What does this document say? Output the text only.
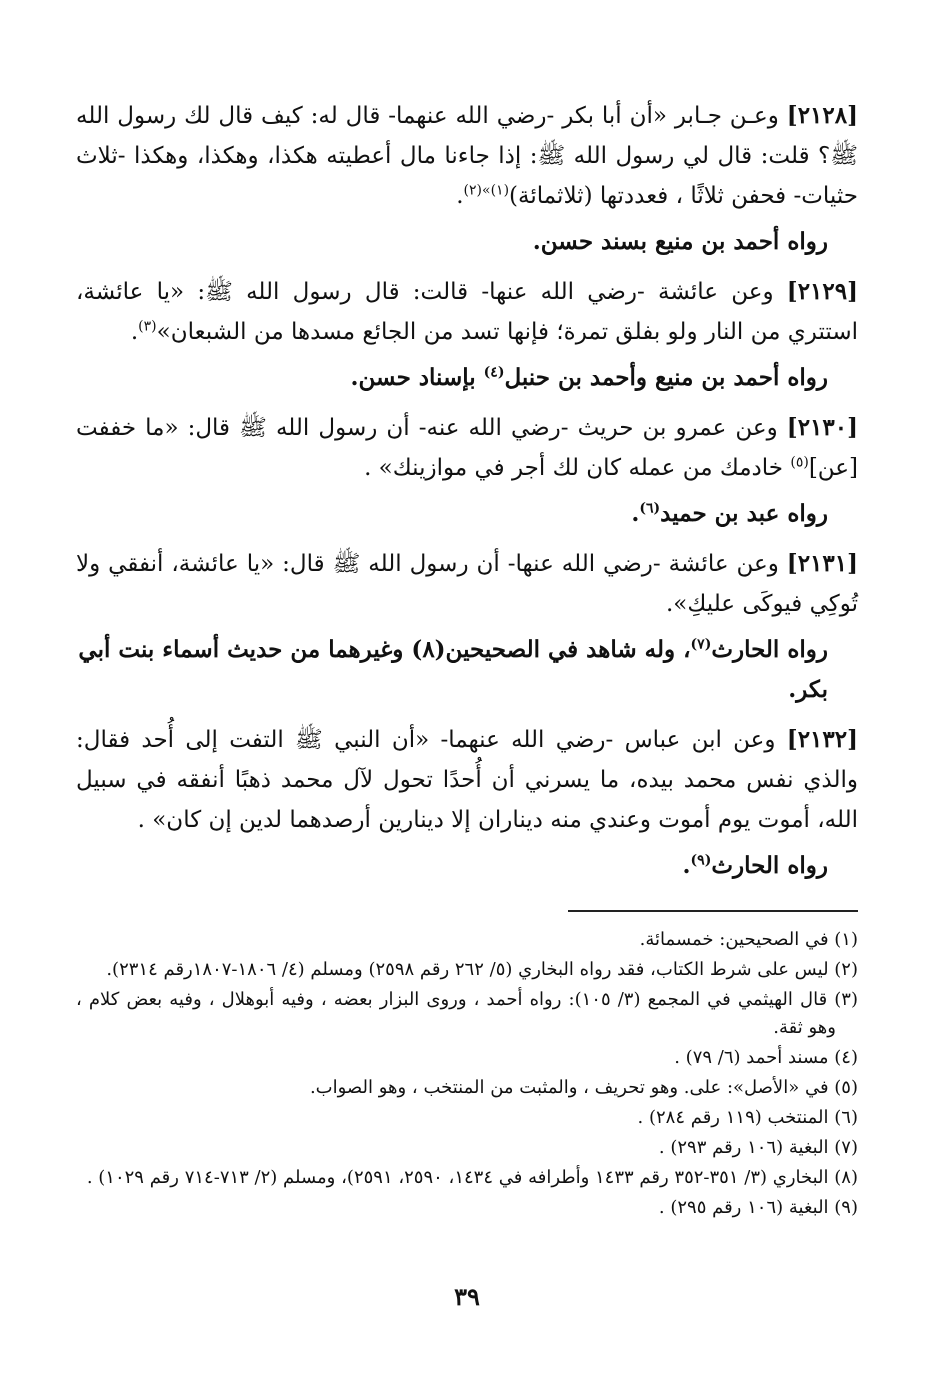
[٢١٢٨] وعـن جـابر «أن أبا بكر -رضي الله عنهما- قال له: كيف قال لك رسول الله ﷺ؟ قلت: قال لي رسول الله ﷺ: إذا جاءنا مال أعطيته هكذا، وهكذا، وهكذا -ثلاث حثيات- فحفن ثلاثًا ، فعددتها (ثلاثمائة)$^{(١)»(٢)}$.

رواه أحمد بن منيع بسند حسن.

[٢١٢٩] وعن عائشة -رضي الله عنها- قالت: قال رسول الله ﷺ: «يا عائشة، استتري من النار ولو بفلق تمرة؛ فإنها تسد من الجائع مسدها من الشبعان»$^{(٣)}$.

رواه أحمد بن منيع وأحمد بن حنبل$^{(٤)}$ بإسناد حسن.

[٢١٣٠] وعن عمرو بن حريث -رضي الله عنه- أن رسول الله ﷺ قال: «ما خففت [عن]$^{(٥)}$ خادمك من عمله كان لك أجر في موازينك» .

رواه عبد بن حميد$^{(٦)}$.

[٢١٣١] وعن عائشة -رضي الله عنها- أن رسول الله ﷺ قال: «يا عائشة، أنفقي ولا تُوكِي فيوكَى عليكِ».

رواه الحارث$^{(٧)}$، وله شاهد في الصحيحين(٨) وغيرهما من حديث أسماء بنت أبي بكر.

[٢١٣٢] وعن ابن عباس -رضي الله عنهما- «أن النبي ﷺ التفت إلى أُحد فقال: والذي نفس محمد بيده، ما يسرني أن أُحدًا تحول لآل محمد ذهبًا أنفقه في سبيل الله، أموت يوم أموت وعندي منه ديناران إلا دينارين أرصدهما لدين إن كان» .

رواه الحارث$^{(٩)}$.

(١) في الصحيحين: خمسمائة.

(٢) ليس على شرط الكتاب، فقد رواه البخاري (٥/ ٢٦٢ رقم ٢٥٩٨) ومسلم (٤/ ١٨٠٦-١٨٠٧رقم ٢٣١٤).

(٣) قال الهيثمي في المجمع (٣/ ١٠٥): رواه أحمد ، وروى البزار بعضه ، وفيه أبوهلال ، وفيه بعض كلام ، وهو ثقة.

(٤) مسند أحمد (٦/ ٧٩) .

(٥) في «الأصل»: على. وهو تحريف ، والمثبت من المنتخب ، وهو الصواب.

(٦) المنتخب (١١٩ رقم ٢٨٤) .

(٧) البغية (١٠٦ رقم ٢٩٣) .

(٨) البخاري (٣/ ٣٥١-٣٥٢ رقم ١٤٣٣ وأطرافه في ١٤٣٤، ٢٥٩٠، ٢٥٩١)، ومسلم (٢/ ٧١٣-٧١٤ رقم ١٠٢٩) .

(٩) البغية (١٠٦ رقم ٢٩٥) .

٣٩
